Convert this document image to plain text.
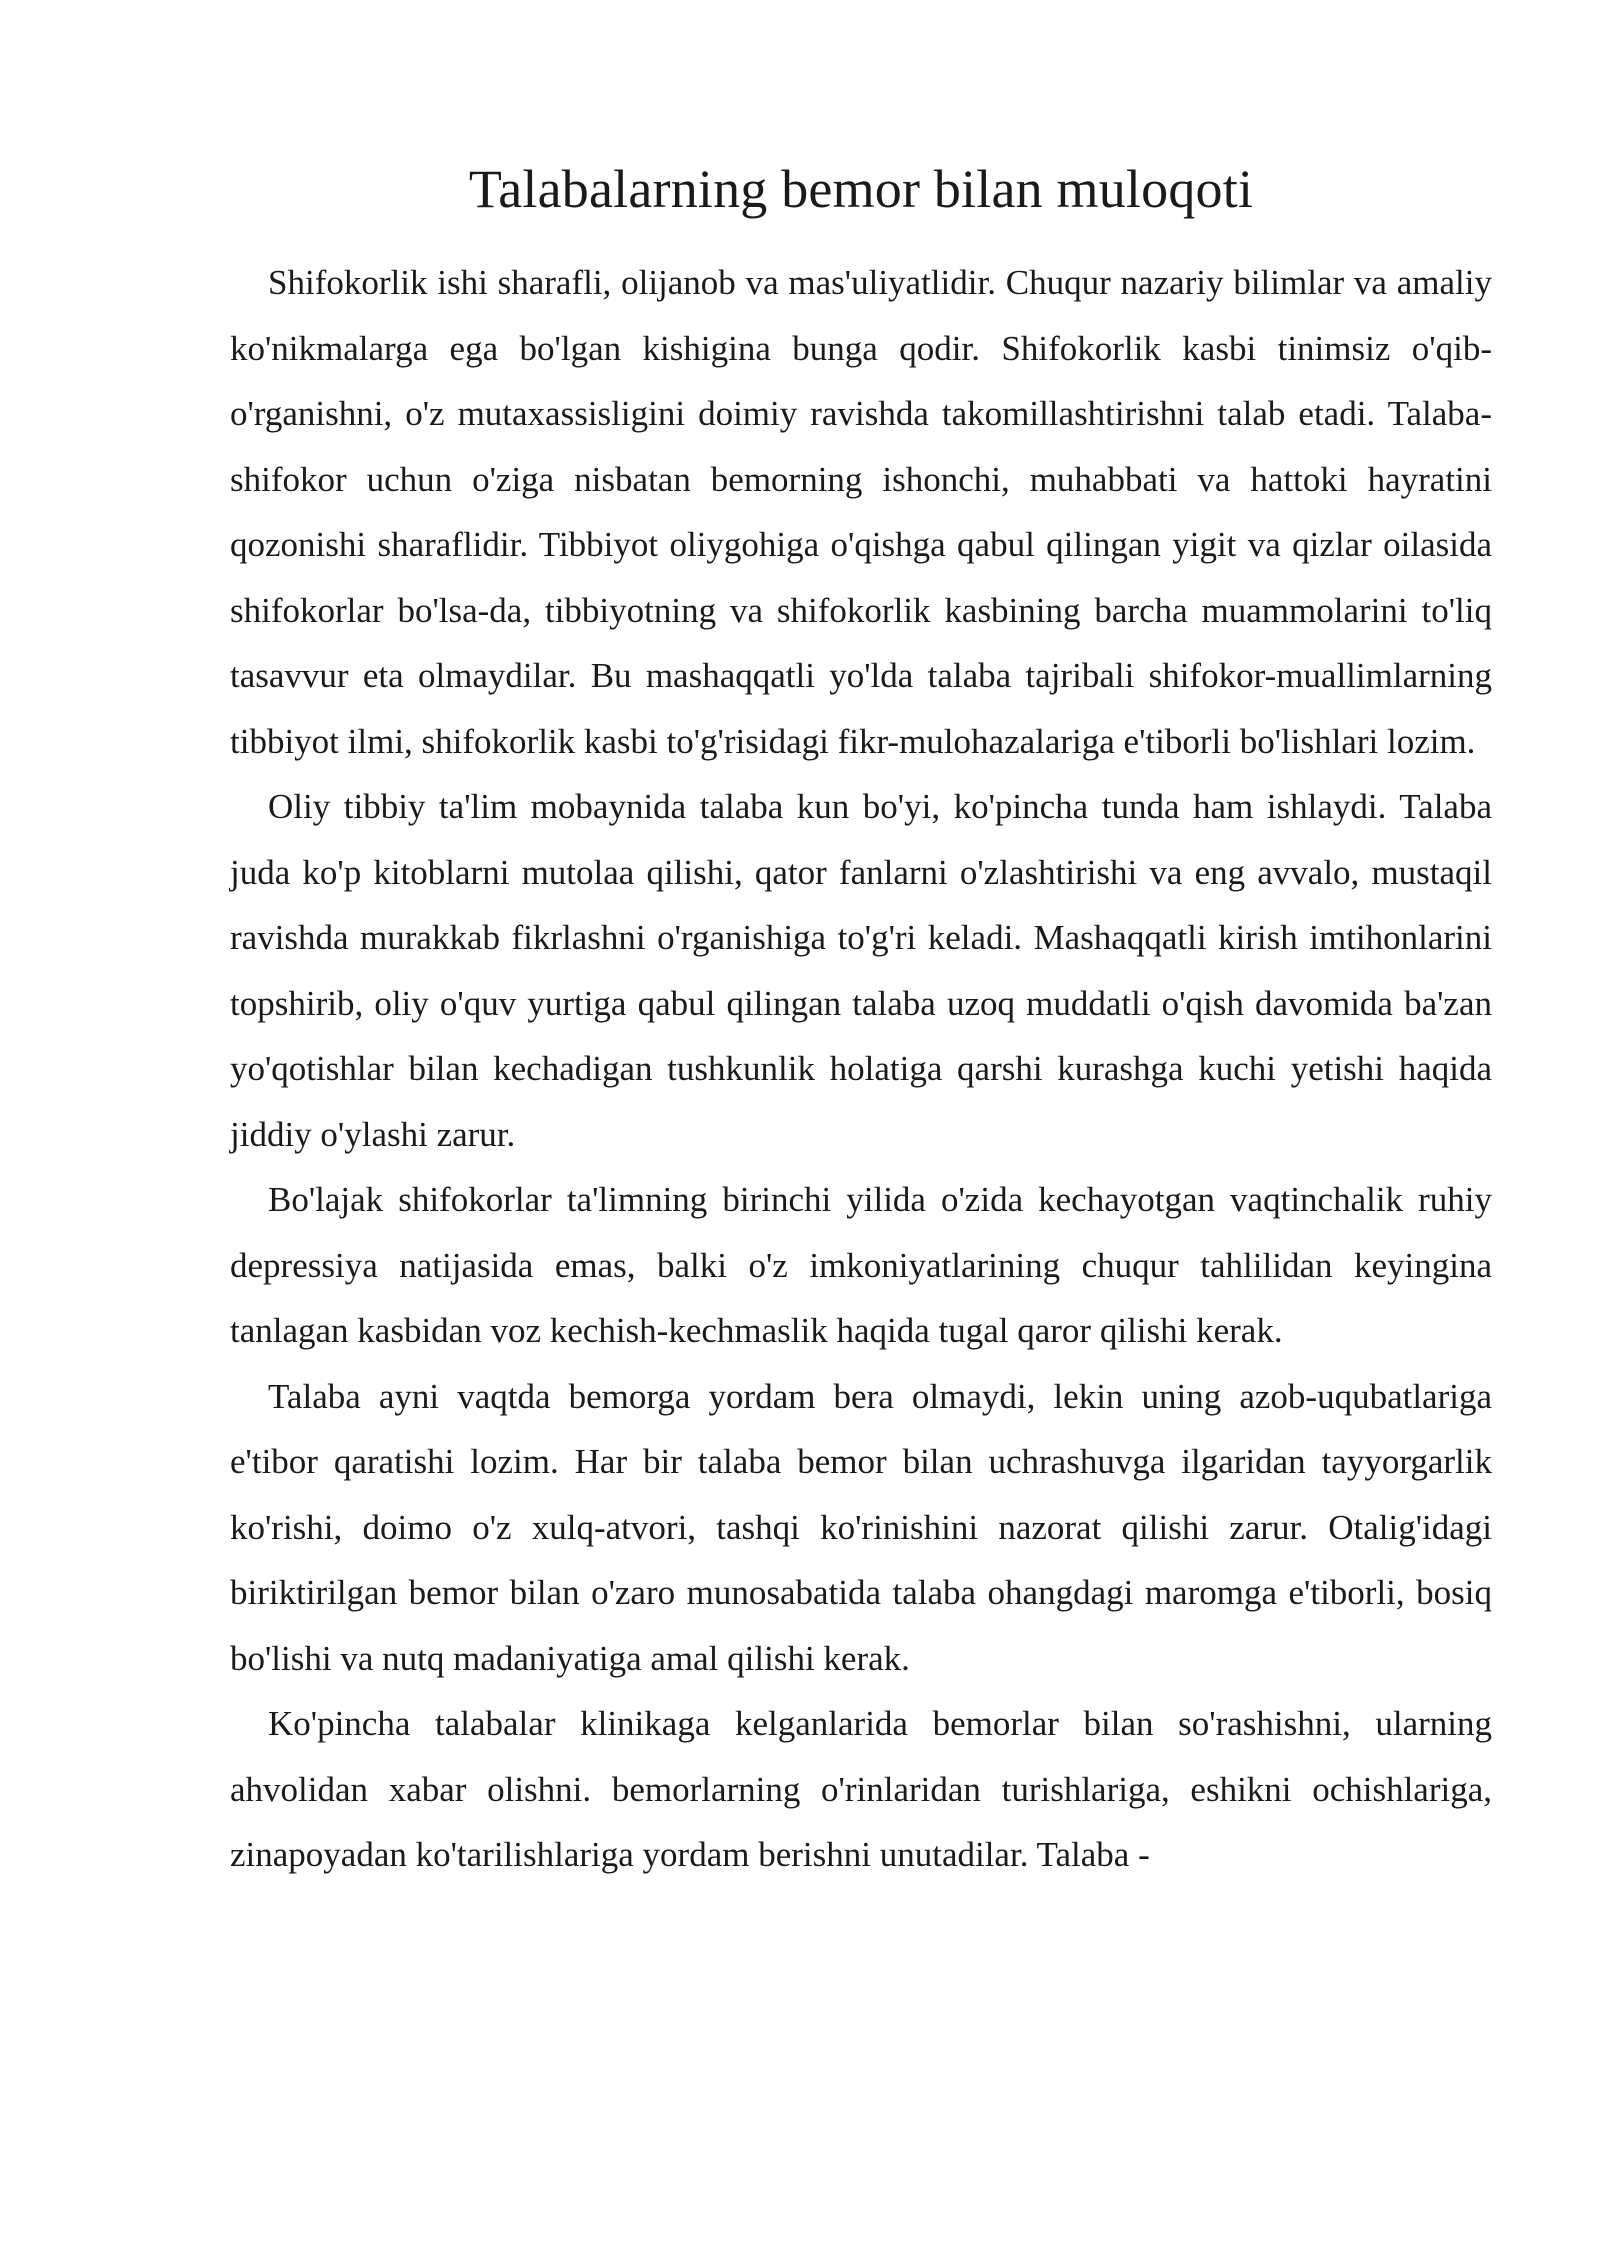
Talabalarning bemor bilan muloqoti

Shifokorlik ishi sharafli, olijanob va mas'uliyatlidir. Chuqur nazariy bilimlar va amaliy ko'nikmalarga ega bo'lgan kishigina bunga qodir. Shifokorlik kasbi tinimsiz o'qib-o'rganishni, o'z mutaxassisligini doimiy ravishda takomillashtirishni talab etadi. Talaba-shifokor uchun o'ziga nisbatan bemorning ishonchi, muhabbati va hattoki hayratini qozonishi sharaflidir. Tibbiyot oliygohiga o'qishga qabul qilingan yigit va qizlar oilasida shifokorlar bo'lsa-da, tibbiyotning va shifokorlik kasbining barcha muammolarini to'liq tasavvur eta olmaydilar. Bu mashaqqatli yo'lda talaba tajribali shifokor-muallimlarning tibbiyot ilmi, shifokorlik kasbi to'g'risidagi fikr-mulohazalariga e'tiborli bo'lishlari lozim.

Oliy tibbiy ta'lim mobaynida talaba kun bo'yi, ko'pincha tunda ham ishlaydi. Talaba juda ko'p kitoblarni mutolaa qilishi, qator fanlarni o'zlashtirishi va eng avvalo, mustaqil ravishda murakkab fikrlashni o'rganishiga to'g'ri keladi. Mashaqqatli kirish imtihonlarini topshirib, oliy o'quv yurtiga qabul qilingan talaba uzoq muddatli o'qish davomida ba'zan yo'qotishlar bilan kechadigan tushkunlik holatiga qarshi kurashga kuchi yetishi haqida jiddiy o'ylashi zarur.

Bo'lajak shifokorlar ta'limning birinchi yilida o'zida kechayotgan vaqtinchalik ruhiy depressiya natijasida emas, balki o'z imkoniyatlarining chuqur tahlilidan keyingina tanlagan kasbidan voz kechish-kechmaslik haqida tugal qaror qilishi kerak.

Talaba ayni vaqtda bemorga yordam bera olmaydi, lekin uning azob-uqubatlariga e'tibor qaratishi lozim. Har bir talaba bemor bilan uchrashuvga ilgaridan tayyorgarlik ko'rishi, doimo o'z xulq-atvori, tashqi ko'rinishini nazorat qilishi zarur. Otalig'idagi biriktirilgan bemor bilan o'zaro munosabatida talaba ohangdagi maromga e'tiborli, bosiq bo'lishi va nutq madaniyatiga amal qilishi kerak.

Ko'pincha talabalar klinikaga kelganlarida bemorlar bilan so'rashishni, ularning ahvolidan xabar olishni. bemorlarning o'rinlaridan turishlariga, eshikni ochishlariga, zinapoyadan ko'tarilishlariga yordam berishni unutadilar. Talaba -
